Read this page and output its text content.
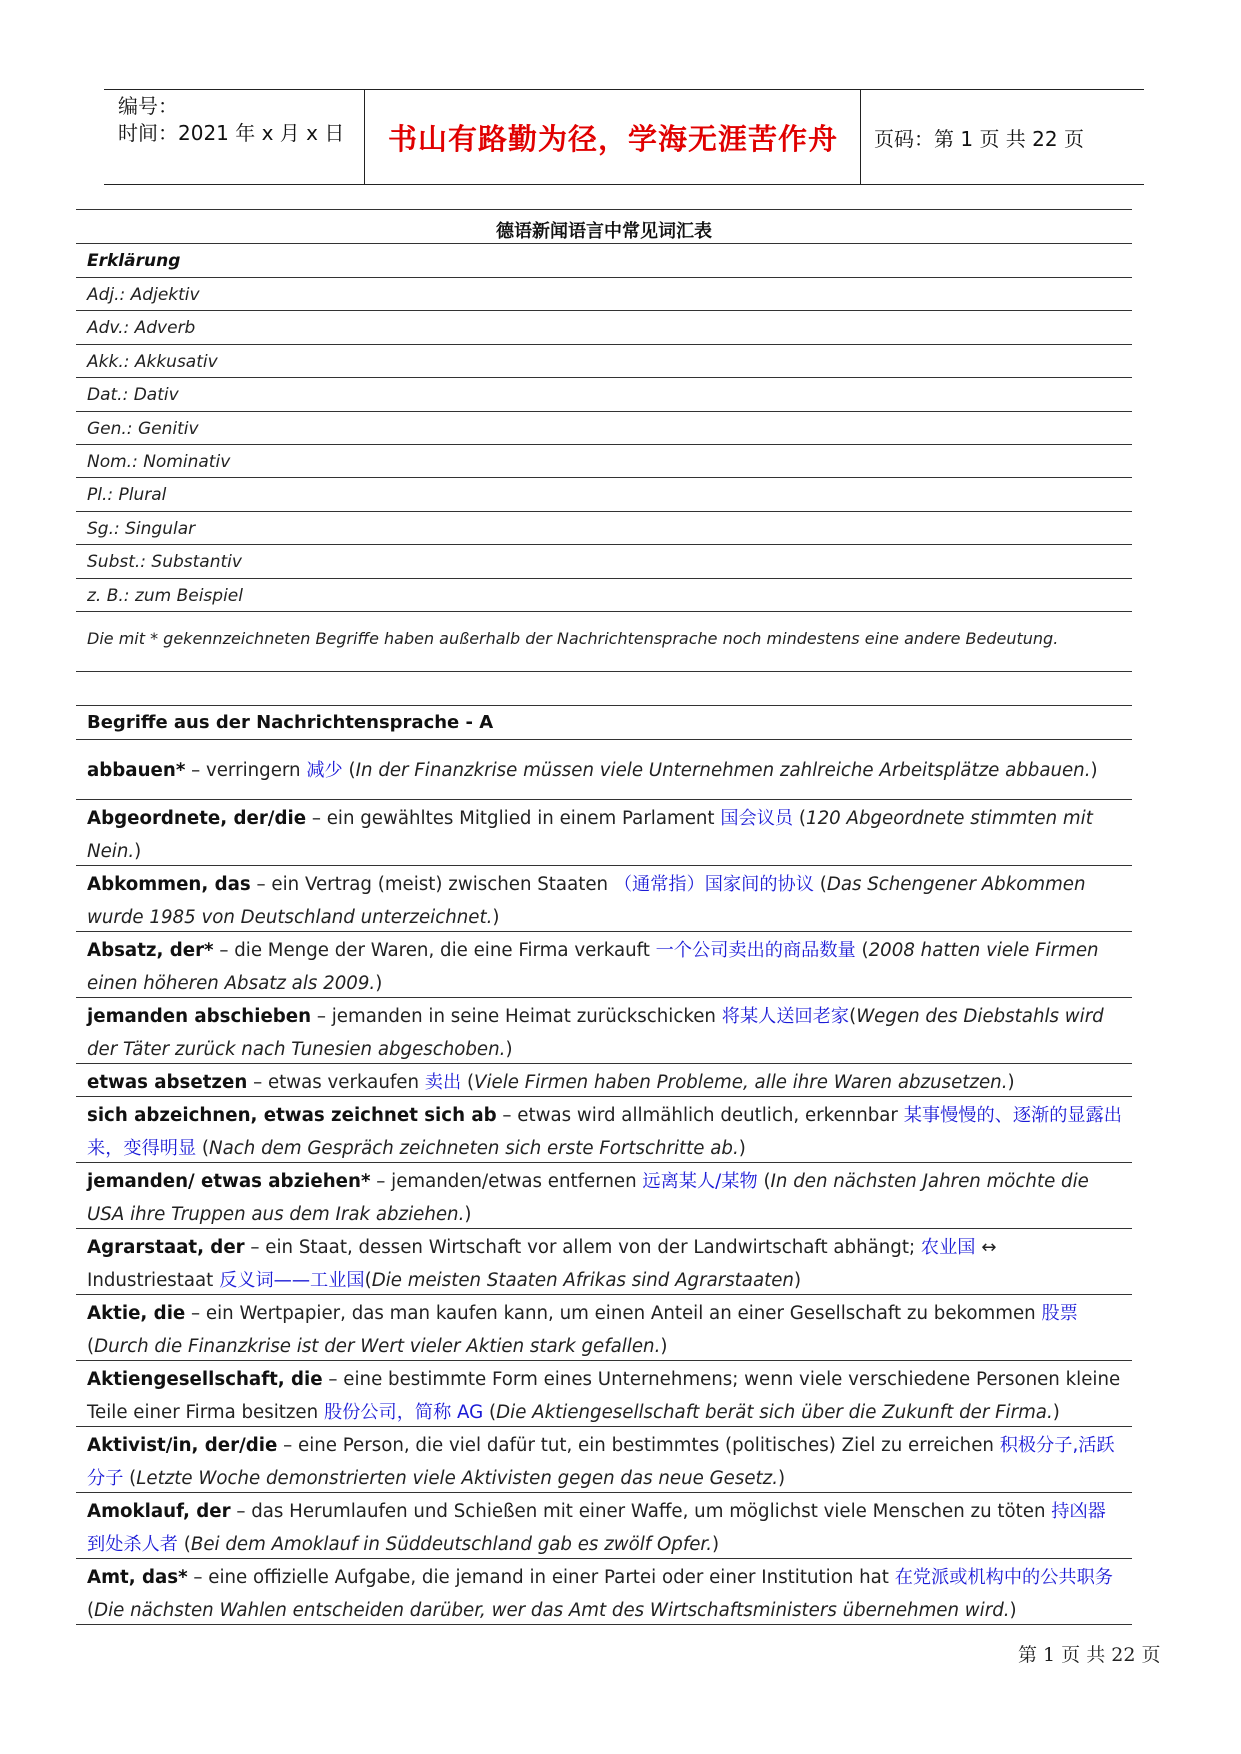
编号：
时间：2021 年 x 月 x 日	书山有路勤为径，学海无涯苦作舟	页码：第 1 页 共 22 页
德语新闻语言中常见词汇表
Erklärung
Adj.: Adjektiv
Adv.: Adverb
Akk.: Akkusativ
Dat.: Dativ
Gen.: Genitiv
Nom.: Nominativ
Pl.: Plural
Sg.: Singular
Subst.: Substantiv
z. B.: zum Beispiel
Die mit * gekennzeichneten Begriffe haben außerhalb der Nachrichtensprache noch mindestens eine andere Bedeutung.
Begriffe aus der Nachrichtensprache - A
abbauen* – verringern 减少 (In der Finanzkrise müssen viele Unternehmen zahlreiche Arbeitsplätze abbauen.)
Abgeordnete, der/die – ein gewähltes Mitglied in einem Parlament 国会议员 (120 Abgeordnete stimmten mit Nein.)
Abkommen, das – ein Vertrag (meist) zwischen Staaten （通常指）国家间的协议 (Das Schengener Abkommen wurde 1985 von Deutschland unterzeichnet.)
Absatz, der* – die Menge der Waren, die eine Firma verkauft 一个公司卖出的商品数量 (2008 hatten viele Firmen einen höheren Absatz als 2009.)
jemanden abschieben – jemanden in seine Heimat zurückschicken 将某人送回老家(Wegen des Diebstahls wird der Täter zurück nach Tunesien abgeschoben.)
etwas absetzen – etwas verkaufen 卖出 (Viele Firmen haben Probleme, alle ihre Waren abzusetzen.)
sich abzeichnen, etwas zeichnet sich ab – etwas wird allmählich deutlich, erkennbar 某事慢慢的、逐渐的显露出来，变得明显 (Nach dem Gespräch zeichneten sich erste Fortschritte ab.)
jemanden/ etwas abziehen* – jemanden/etwas entfernen 远离某人/某物 (In den nächsten Jahren möchte die USA ihre Truppen aus dem Irak abziehen.)
Agrarstaat, der – ein Staat, dessen Wirtschaft vor allem von der Landwirtschaft abhängt; 农业国 ↔ Industriestaat 反义词——工业国(Die meisten Staaten Afrikas sind Agrarstaaten)
Aktie, die – ein Wertpapier, das man kaufen kann, um einen Anteil an einer Gesellschaft zu bekommen 股票 (Durch die Finanzkrise ist der Wert vieler Aktien stark gefallen.)
Aktiengesellschaft, die – eine bestimmte Form eines Unternehmens; wenn viele verschiedene Personen kleine Teile einer Firma besitzen 股份公司，简称 AG (Die Aktiengesellschaft berät sich über die Zukunft der Firma.)
Aktivist/in, der/die – eine Person, die viel dafür tut, ein bestimmtes (politisches) Ziel zu erreichen 积极分子,活跃分子 (Letzte Woche demonstrierten viele Aktivisten gegen das neue Gesetz.)
Amoklauf, der – das Herumlaufen und Schießen mit einer Waffe, um möglichst viele Menschen zu töten 持凶器到处杀人者 (Bei dem Amoklauf in Süddeutschland gab es zwölf Opfer.)
Amt, das* – eine offizielle Aufgabe, die jemand in einer Partei oder einer Institution hat 在党派或机构中的公共职务 (Die nächsten Wahlen entscheiden darüber, wer das Amt des Wirtschaftsministers übernehmen wird.)
第 1 页 共 22 页
